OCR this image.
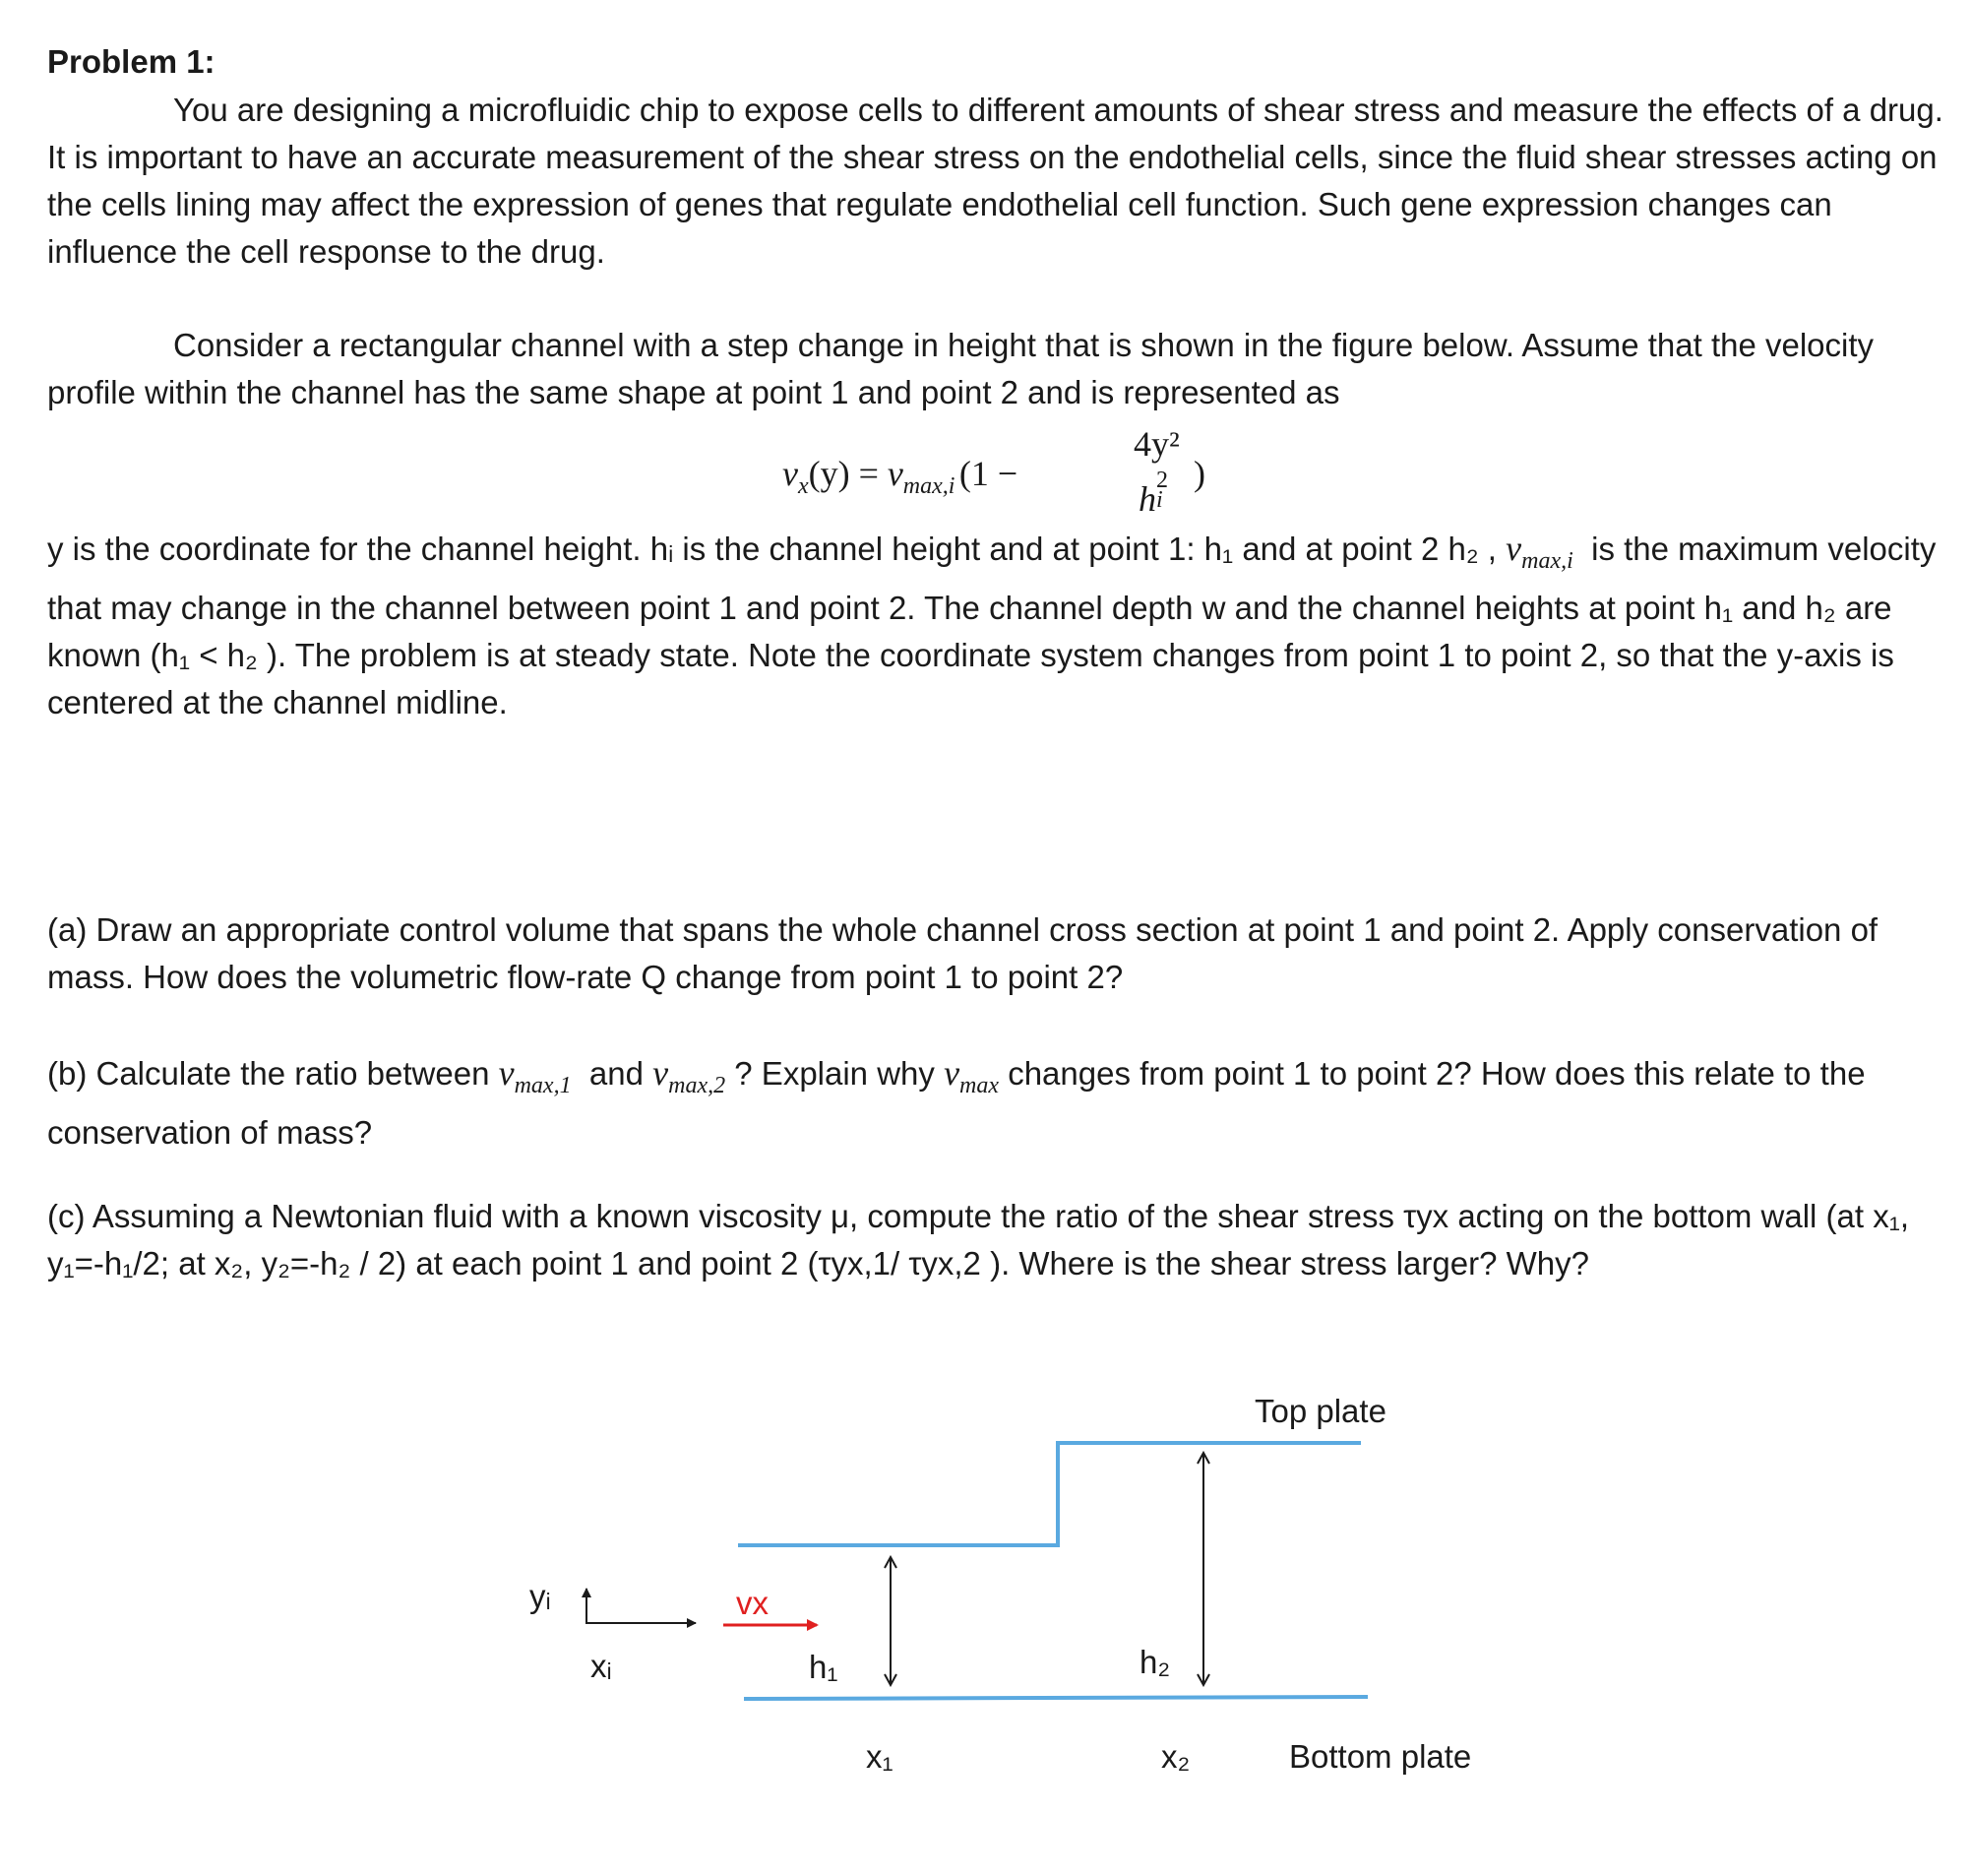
Problem 1:
You are designing a microfluidic chip to expose cells to different amounts of shear stress and measure the effects of a drug. It is important to have an accurate measurement of the shear stress on the endothelial cells, since the fluid shear stresses acting on the cells lining may affect the expression of genes that regulate endothelial cell function. Such gene expression changes can influence the cell response to the drug.
Consider a rectangular channel with a step change in height that is shown in the figure below. Assume that the velocity profile within the channel has the same shape at point 1 and point 2 and is represented as
vx(y) = vmax,i (1 −
4y²
h 2
i
)
y is the coordinate for the channel height. hᵢ is the channel height and at point 1: h₁ and at point 2 h₂ , $v_{max,i}$ is the maximum velocity that may change in the channel between point 1 and point 2. The channel depth w and the channel heights at point h₁ and h₂ are known (h₁ < h₂ ). The problem is at steady state. Note the coordinate system changes from point 1 to point 2, so that the y-axis is centered at the channel midline.
(a) Draw an appropriate control volume that spans the whole channel cross section at point 1 and point 2. Apply conservation of mass. How does the volumetric flow-rate Q change from point 1 to point 2?
(b) Calculate the ratio between $v_{max,1}$ and $v_{max,2}$ ? Explain why $v_{max}$ changes from point 1 to point 2? How does this relate to the conservation of mass?
(c) Assuming a Newtonian fluid with a known viscosity μ, compute the ratio of the shear stress τyx acting on the bottom wall (at x₁, y₁=-h₁/2; at x₂, y₂=-h₂ / 2) at each point 1 and point 2 (τyx,1/ τyx,2 ). Where is the shear stress larger? Why?
Top plate
Bottom plate
yᵢ
xᵢ
vx
h₁	h₂
x₁	x₂
